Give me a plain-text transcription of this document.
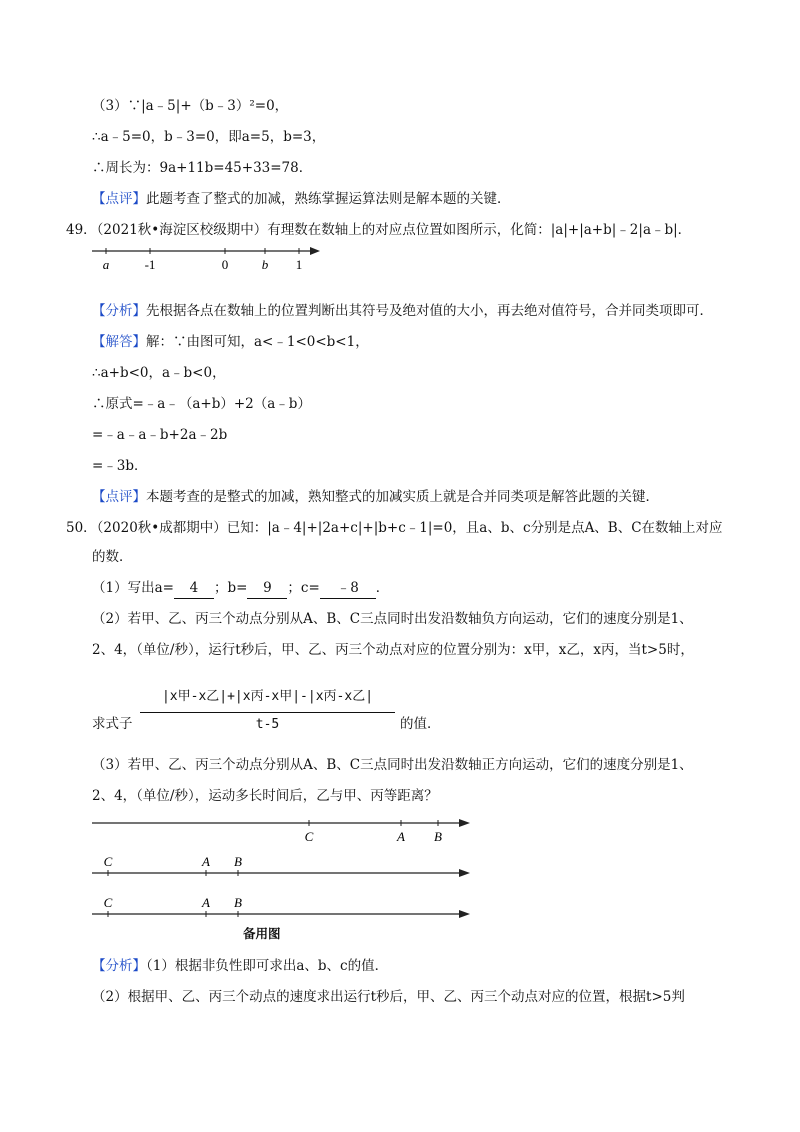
（3）∵|a﹣5|+（b﹣3）²=0，
∴a﹣5=0，b﹣3=0，即a=5，b=3，
∴周长为：9a+11b=45+33=78．
【点评】此题考查了整式的加减，熟练掌握运算法则是解本题的关键．
49．（2021秋•海淀区校级期中）有理数在数轴上的对应点位置如图所示，化简：|a|+|a+b|﹣2|a﹣b|．
a	-1	0	b 1
【分析】先根据各点在数轴上的位置判断出其符号及绝对值的大小，再去绝对值符号，合并同类项即可．
【解答】解：∵由图可知，a<﹣1<0<b<1，
∴a+b<0，a﹣b<0，
∴原式=﹣a﹣（a+b）+2（a﹣b）
=﹣a﹣a﹣b+2a﹣2b
=﹣3b．
【点评】本题考查的是整式的加减，熟知整式的加减实质上就是合并同类项是解答此题的关键．
50．（2020秋•成都期中）已知：|a﹣4|+|2a+c|+|b+c﹣1|=0，且a、b、c分别是点A、B、C在数轴上对应
的数．
（1）写出a= 4 ；b= 9 ；c= ﹣8 ．
（2）若甲、乙、丙三个动点分别从A、B、C三点同时出发沿数轴负方向运动，它们的速度分别是1、
2、4，（单位/秒），运行t秒后，甲、乙、丙三个动点对应的位置分别为：x甲，x乙，x丙，当t>5时，
求式子
|x甲-x乙|+|x丙-x甲|-|x丙-x乙|
t-5	的值．
（3）若甲、乙、丙三个动点分别从A、B、C三点同时出发沿数轴正方向运动，它们的速度分别是1、
2、4，（单位/秒），运动多长时间后，乙与甲、丙等距离？
C	A B
C	A B
C	A B
备用图
【分析】（1）根据非负性即可求出a、b、c的值．
（2）根据甲、乙、丙三个动点的速度求出运行t秒后，甲、乙、丙三个动点对应的位置，根据t>5判
